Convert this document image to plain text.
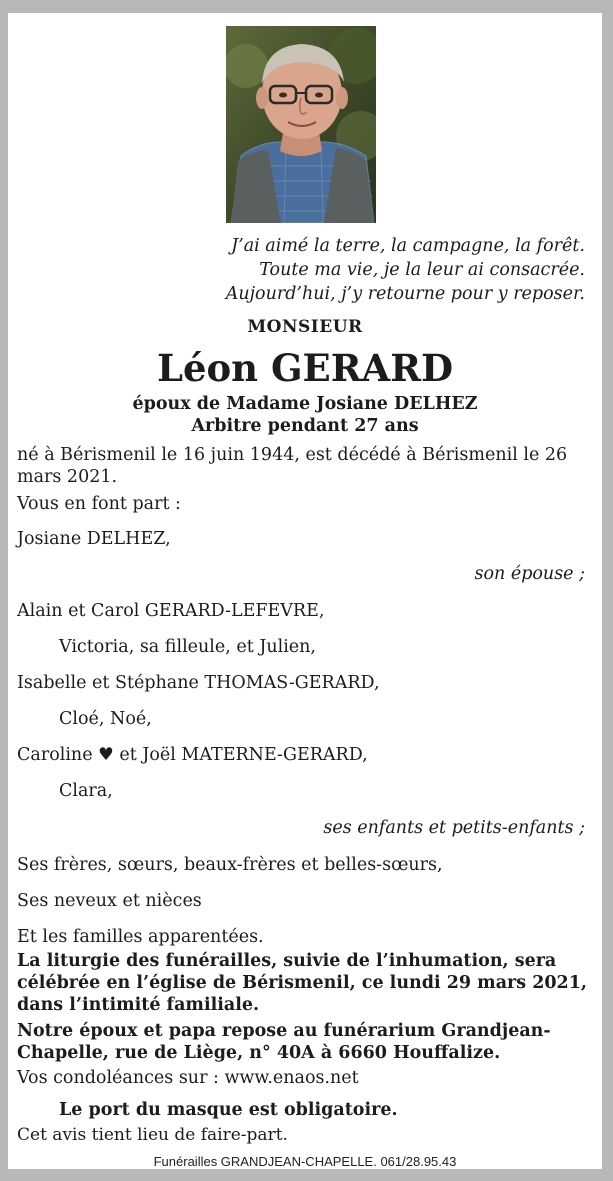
J’ai aimé la terre, la campagne, la forêt.
Toute ma vie, je la leur ai consacrée.
Aujourd’hui, j’y retourne pour y reposer.
MONSIEUR
Léon GERARD
époux de Madame Josiane DELHEZ
Arbitre pendant 27 ans
né à Bérismenil le 16 juin 1944, est décédé à Bérismenil le 26 mars 2021.
Vous en font part :
Josiane DELHEZ,
son épouse ;
Alain et Carol GERARD-LEFEVRE,
Victoria, sa filleule, et Julien,
Isabelle et Stéphane THOMAS-GERARD,
Cloé, Noé,
Caroline ♥ et Joël MATERNE-GERARD,
Clara,
ses enfants et petits-enfants ;
Ses frères, sœurs, beaux-frères et belles-sœurs,
Ses neveux et nièces
Et les familles apparentées.
La liturgie des funérailles, suivie de l’inhumation, sera célébrée en l’église de Bérismenil, ce lundi 29 mars 2021, dans l’intimité familiale.
Notre époux et papa repose au funérarium Grandjean-Chapelle, rue de Liège, n° 40A à 6660 Houffalize.
Vos condoléances sur : www.enaos.net
Le port du masque est obligatoire.
Cet avis tient lieu de faire-part.
Funérailles GRANDJEAN-CHAPELLE. 061/28.95.43
